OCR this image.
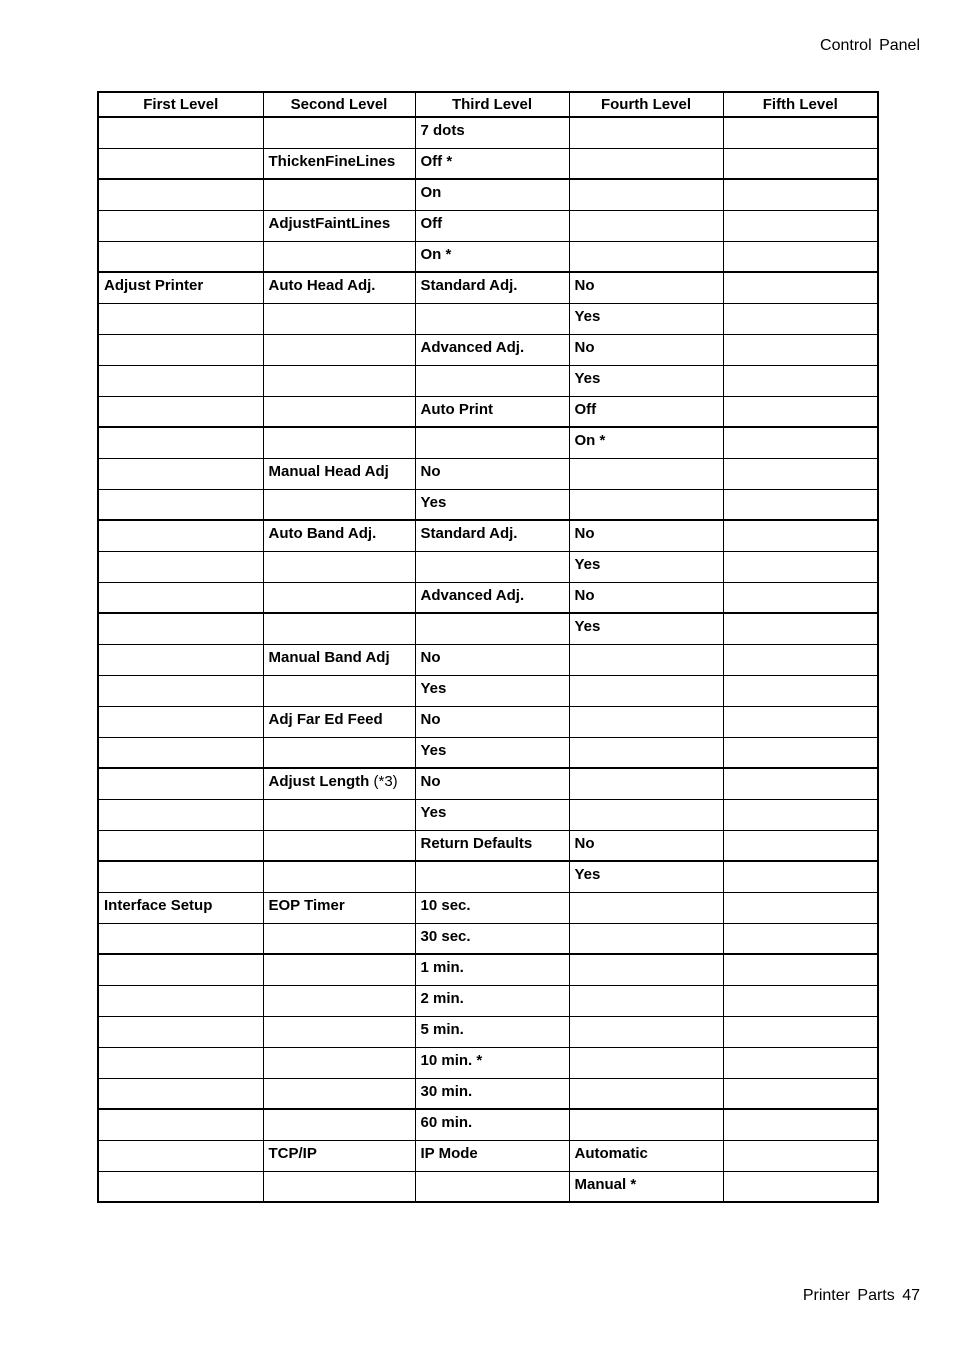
Control Panel
First Level	Second Level	Third Level	Fourth Level	Fifth Level
		7 dots		
	ThickenFineLines	Off *		
		On		
	AdjustFaintLines	Off		
		On *		
Adjust Printer	Auto Head Adj.	Standard Adj.	No	
			Yes	
		Advanced Adj.	No	
			Yes	
		Auto Print	Off	
			On *	
	Manual Head Adj	No		
		Yes		
	Auto Band Adj.	Standard Adj.	No	
			Yes	
		Advanced Adj.	No	
			Yes	
	Manual Band Adj	No		
		Yes		
	Adj Far Ed Feed	No		
		Yes		
	Adjust Length (*3)	No		
		Yes		
		Return Defaults	No	
			Yes	
Interface Setup	EOP Timer	10 sec.		
		30 sec.		
		1 min.		
		2 min.		
		5 min.		
		10 min. *		
		30 min.		
		60 min.		
	TCP/IP	IP Mode	Automatic	
			Manual *	
Printer Parts 47
